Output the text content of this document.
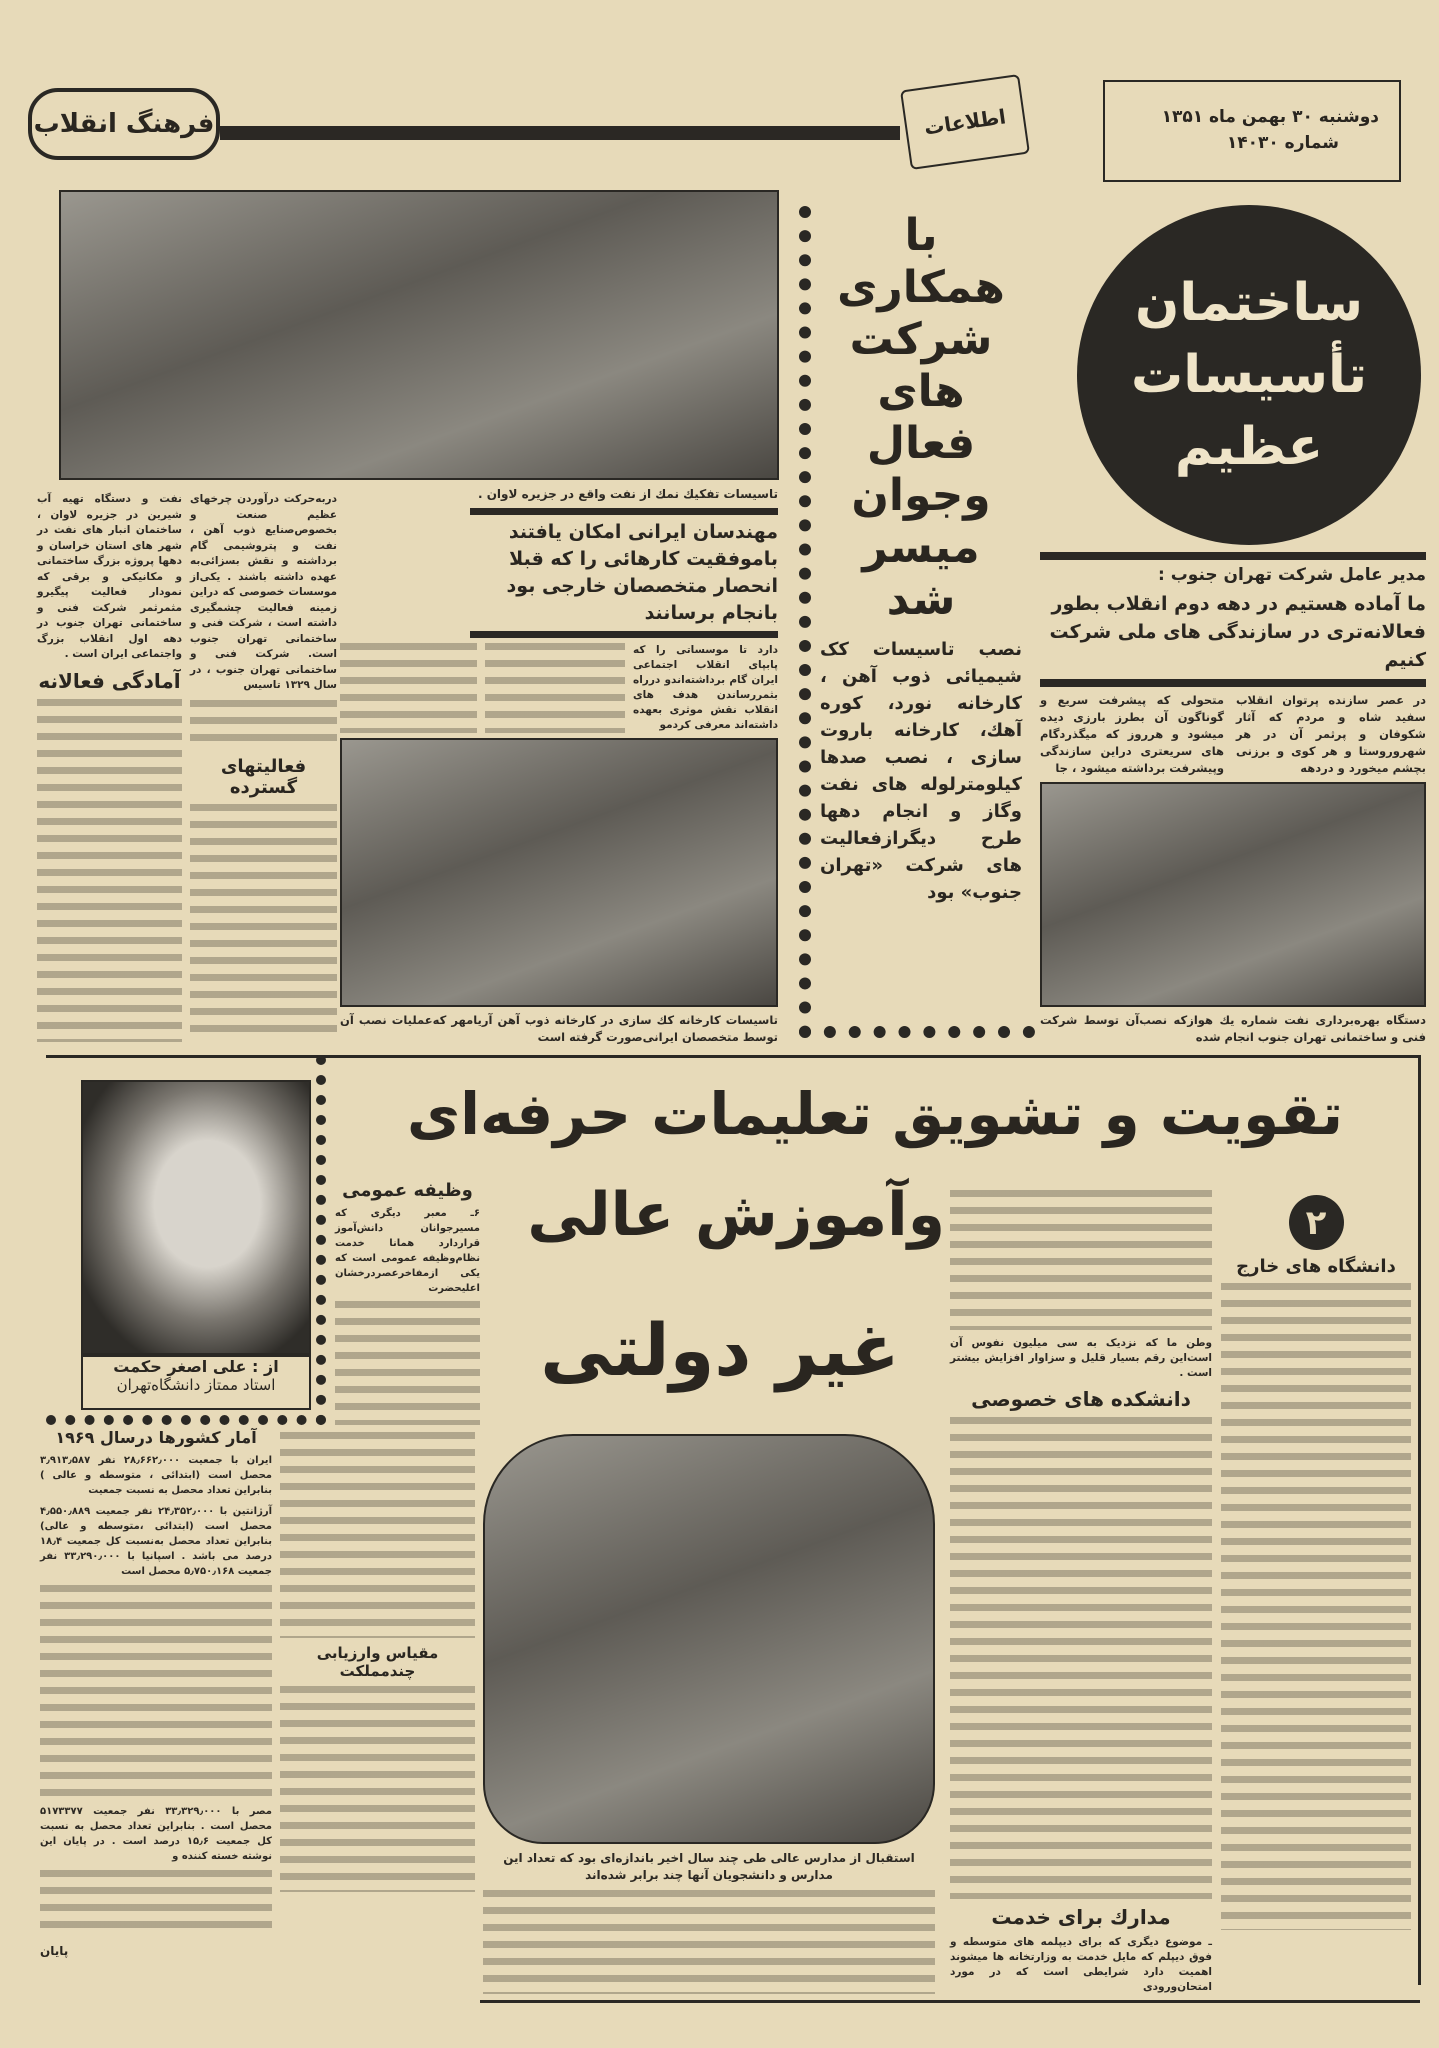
فرهنگ انقلاب	اطلاعات	دوشنبه ۳۰ بهمن ماه ۱۳۵۱
شماره ۱۴۰۳۰
تاسیسات تفکیك نمك از نفت واقع در جزیره لاوان .
مهندسان ایرانی امکان یافتند باموفقیت کارهائی را که قبلا انحصار متخصصان خارجی بود بانجام برسانند
دارد تا موسساتی را که پابپای انقلاب اجتماعی ایران گام برداشته‌اندو درراه بثمررساندن هدف های انقلاب نقش موثری بعهده داشته‌اند معرفی کردمو
تاسیسات کارخانه کك سازی در کارخانه ذوب آهن آریامهر که‌عملیات نصب آن توسط متخصصان ایرانی‌صورت گرفته است
ساختمان
تأسیسات
عظیم
با
همکاری
شرکت
های
فعال
وجوان
میسر
شد
نصب تاسیسات کک شیمیائی ذوب آهن ، کارخانه نورد، کوره آهك، کارخانه باروت سازی ، نصب صدها کیلومترلوله های نفت وگاز و انجام دهها طرح دیگرازفعالیت های شرکت «تهران جنوب» بود
مدیر عامل شرکت تهران جنوب :
ما آماده هستیم در دهه دوم انقلاب بطور فعالانه‌تری در سازندگی های ملی شرکت کنیم
در عصر سازنده پرتوان انقلاب سفید شاه و مردم که آثار شکوفان و پرثمر آن در هر شهروروستا و هر کوی و برزنی بچشم میخورد و دردهه
متحولی که پیشرفت سریع و گوناگون آن بطرز بارزی دیده میشود و هرروز که میگذردگام های سریعتری دراین سازندگی وپیشرفت برداشته میشود ، جا
دستگاه بهره‌برداری نفت شماره یك هوازکه نصب‌آن توسط شرکت فنی و ساختمانی تهران جنوب انجام شده
نفت و دستگاه تهیه آب شیرین در جزیره لاوان ، ساختمان انبار های نفت در شهر های استان خراسان و دهها پروژه بزرگ ساختمانی و مکانیکی و برقی که نمودار فعالیت پیگیرو مثمرثمر شرکت فنی و ساختمانی تهران جنوب در دهه اول انقلاب بزرگ واجتماعی ایران است .
آمادگی فعالانه
دربه‌حرکت درآوردن چرخهای عظیم صنعت و بخصوص‌صنایع ذوب آهن ، نفت و پتروشیمی گام برداشته و نقش بسزائی‌به عهده داشته باشند . یکی‌از موسسات خصوصی که دراین زمینه فعالیت چشمگیری داشته است ، شرکت فنی و ساختمانی تهران جنوب است. شرکت فنی و ساختمانی تهران جنوب ، در سال ۱۳۲۹ تاسیس
فعالیتهای گسترده
تقویت و تشویق تعلیمات حرفه‌ای
وآموزش عالی
غیر دولتی
از : علی اصغر حکمت
استاد ممتاز دانشگاه‌تهران
۲
دانشگاه های خارج
وطن ما که نزدیک به سی میلیون نفوس آن است‌این رقم بسیار قلیل و سزاوار افزایش بیشتر است .
دانشکده های خصوصی
مدارك برای خدمت
ـ موضوع دیگری که برای دیپلمه های متوسطه و فوق دیپلم که مایل خدمت به وزارتخانه ها میشوند اهمیت دارد شرایطی است که در مورد امتحان‌ورودی
وظیفه عمومی
۶ـ معبر دیگری که مسیرجوانان دانش‌آموز قراردارد همانا خدمت نظام‌وظیفه عمومی است که یکی ازمفاخرعصردرخشان اعلیحضرت
آمار کشورها درسال ۱۹۶۹
ایران با جمعیت ۲۸٫۶۶۲٫۰۰۰ نفر ۳٫۹۱۳٫۵۸۷ محصل است (ابتدائی ، متوسطه و عالی ) بنابراین تعداد محصل به نسبت جمعیت
آرژانتین با ۲۴٫۳۵۲٫۰۰۰ نفر جمعیت ۴٫۵۵۰٫۸۸۹ محصل است (ابتدائی ،متوسطه و عالی) بنابراین تعداد محصل به‌نسبت کل جمعیت ۱۸٫۴ درصد می باشد . اسپانیا با ۳۳٫۲۹۰٫۰۰۰ نفر جمعیت ۵٫۷۵۰٫۱۶۸ محصل است
مصر با ۳۳٫۳۲۹٫۰۰۰ نفر جمعیت ۵۱۷۳۳۷۷ محصل است . بنابراین تعداد محصل به نسبت کل جمعیت ۱۵٫۶ درصد است . در پایان این نوشته خسته کننده و
پایان
مقیاس وارزیابی چندمملکت
استقبال از مدارس عالی طی چند سال اخیر باندازه‌ای بود که تعداد این مدارس و دانشجویان آنها چند برابر شده‌اند
